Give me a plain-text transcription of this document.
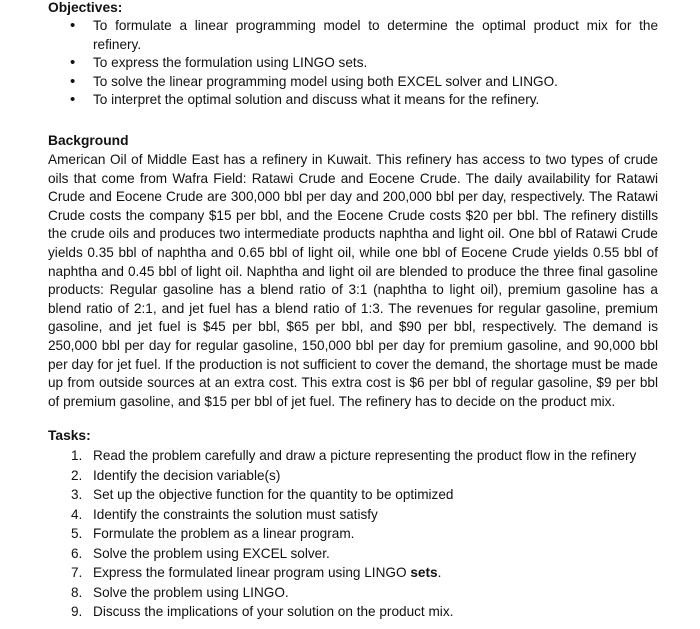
Objectives:
• To formulate a linear programming model to determine the optimal product mix for the refinery.
• To express the formulation using LINGO sets.
• To solve the linear programming model using both EXCEL solver and LINGO.
• To interpret the optimal solution and discuss what it means for the refinery.
Background

American Oil of Middle East has a refinery in Kuwait. This refinery has access to two types of crude oils that come from Wafra Field: Ratawi Crude and Eocene Crude. The daily availability for Ratawi Crude and Eocene Crude are 300,000 bbl per day and 200,000 bbl per day, respectively. The Ratawi Crude costs the company $15 per bbl, and the Eocene Crude costs $20 per bbl. The refinery distills the crude oils and produces two intermediate products naphtha and light oil. One bbl of Ratawi Crude yields 0.35 bbl of naphtha and 0.65 bbl of light oil, while one bbl of Eocene Crude yields 0.55 bbl of naphtha and 0.45 bbl of light oil. Naphtha and light oil are blended to produce the three final gasoline products: Regular gasoline has a blend ratio of 3:1 (naphtha to light oil), premium gasoline has a blend ratio of 2:1, and jet fuel has a blend ratio of 1:3. The revenues for regular gasoline, premium gasoline, and jet fuel is $45 per bbl, $65 per bbl, and $90 per bbl, respectively. The demand is 250,000 bbl per day for regular gasoline, 150,000 bbl per day for premium gasoline, and 90,000 bbl per day for jet fuel. If the production is not sufficient to cover the demand, the shortage must be made up from outside sources at an extra cost. This extra cost is $6 per bbl of regular gasoline, $9 per bbl of premium gasoline, and $15 per bbl of jet fuel. The refinery has to decide on the product mix.

Tasks:
1. Read the problem carefully and draw a picture representing the product flow in the refinery
2. Identify the decision variable(s)
3. Set up the objective function for the quantity to be optimized
4. Identify the constraints the solution must satisfy
5. Formulate the problem as a linear program.
6. Solve the problem using EXCEL solver.
7. Express the formulated linear program using LINGO sets.
8. Solve the problem using LINGO.
9. Discuss the implications of your solution on the product mix.
